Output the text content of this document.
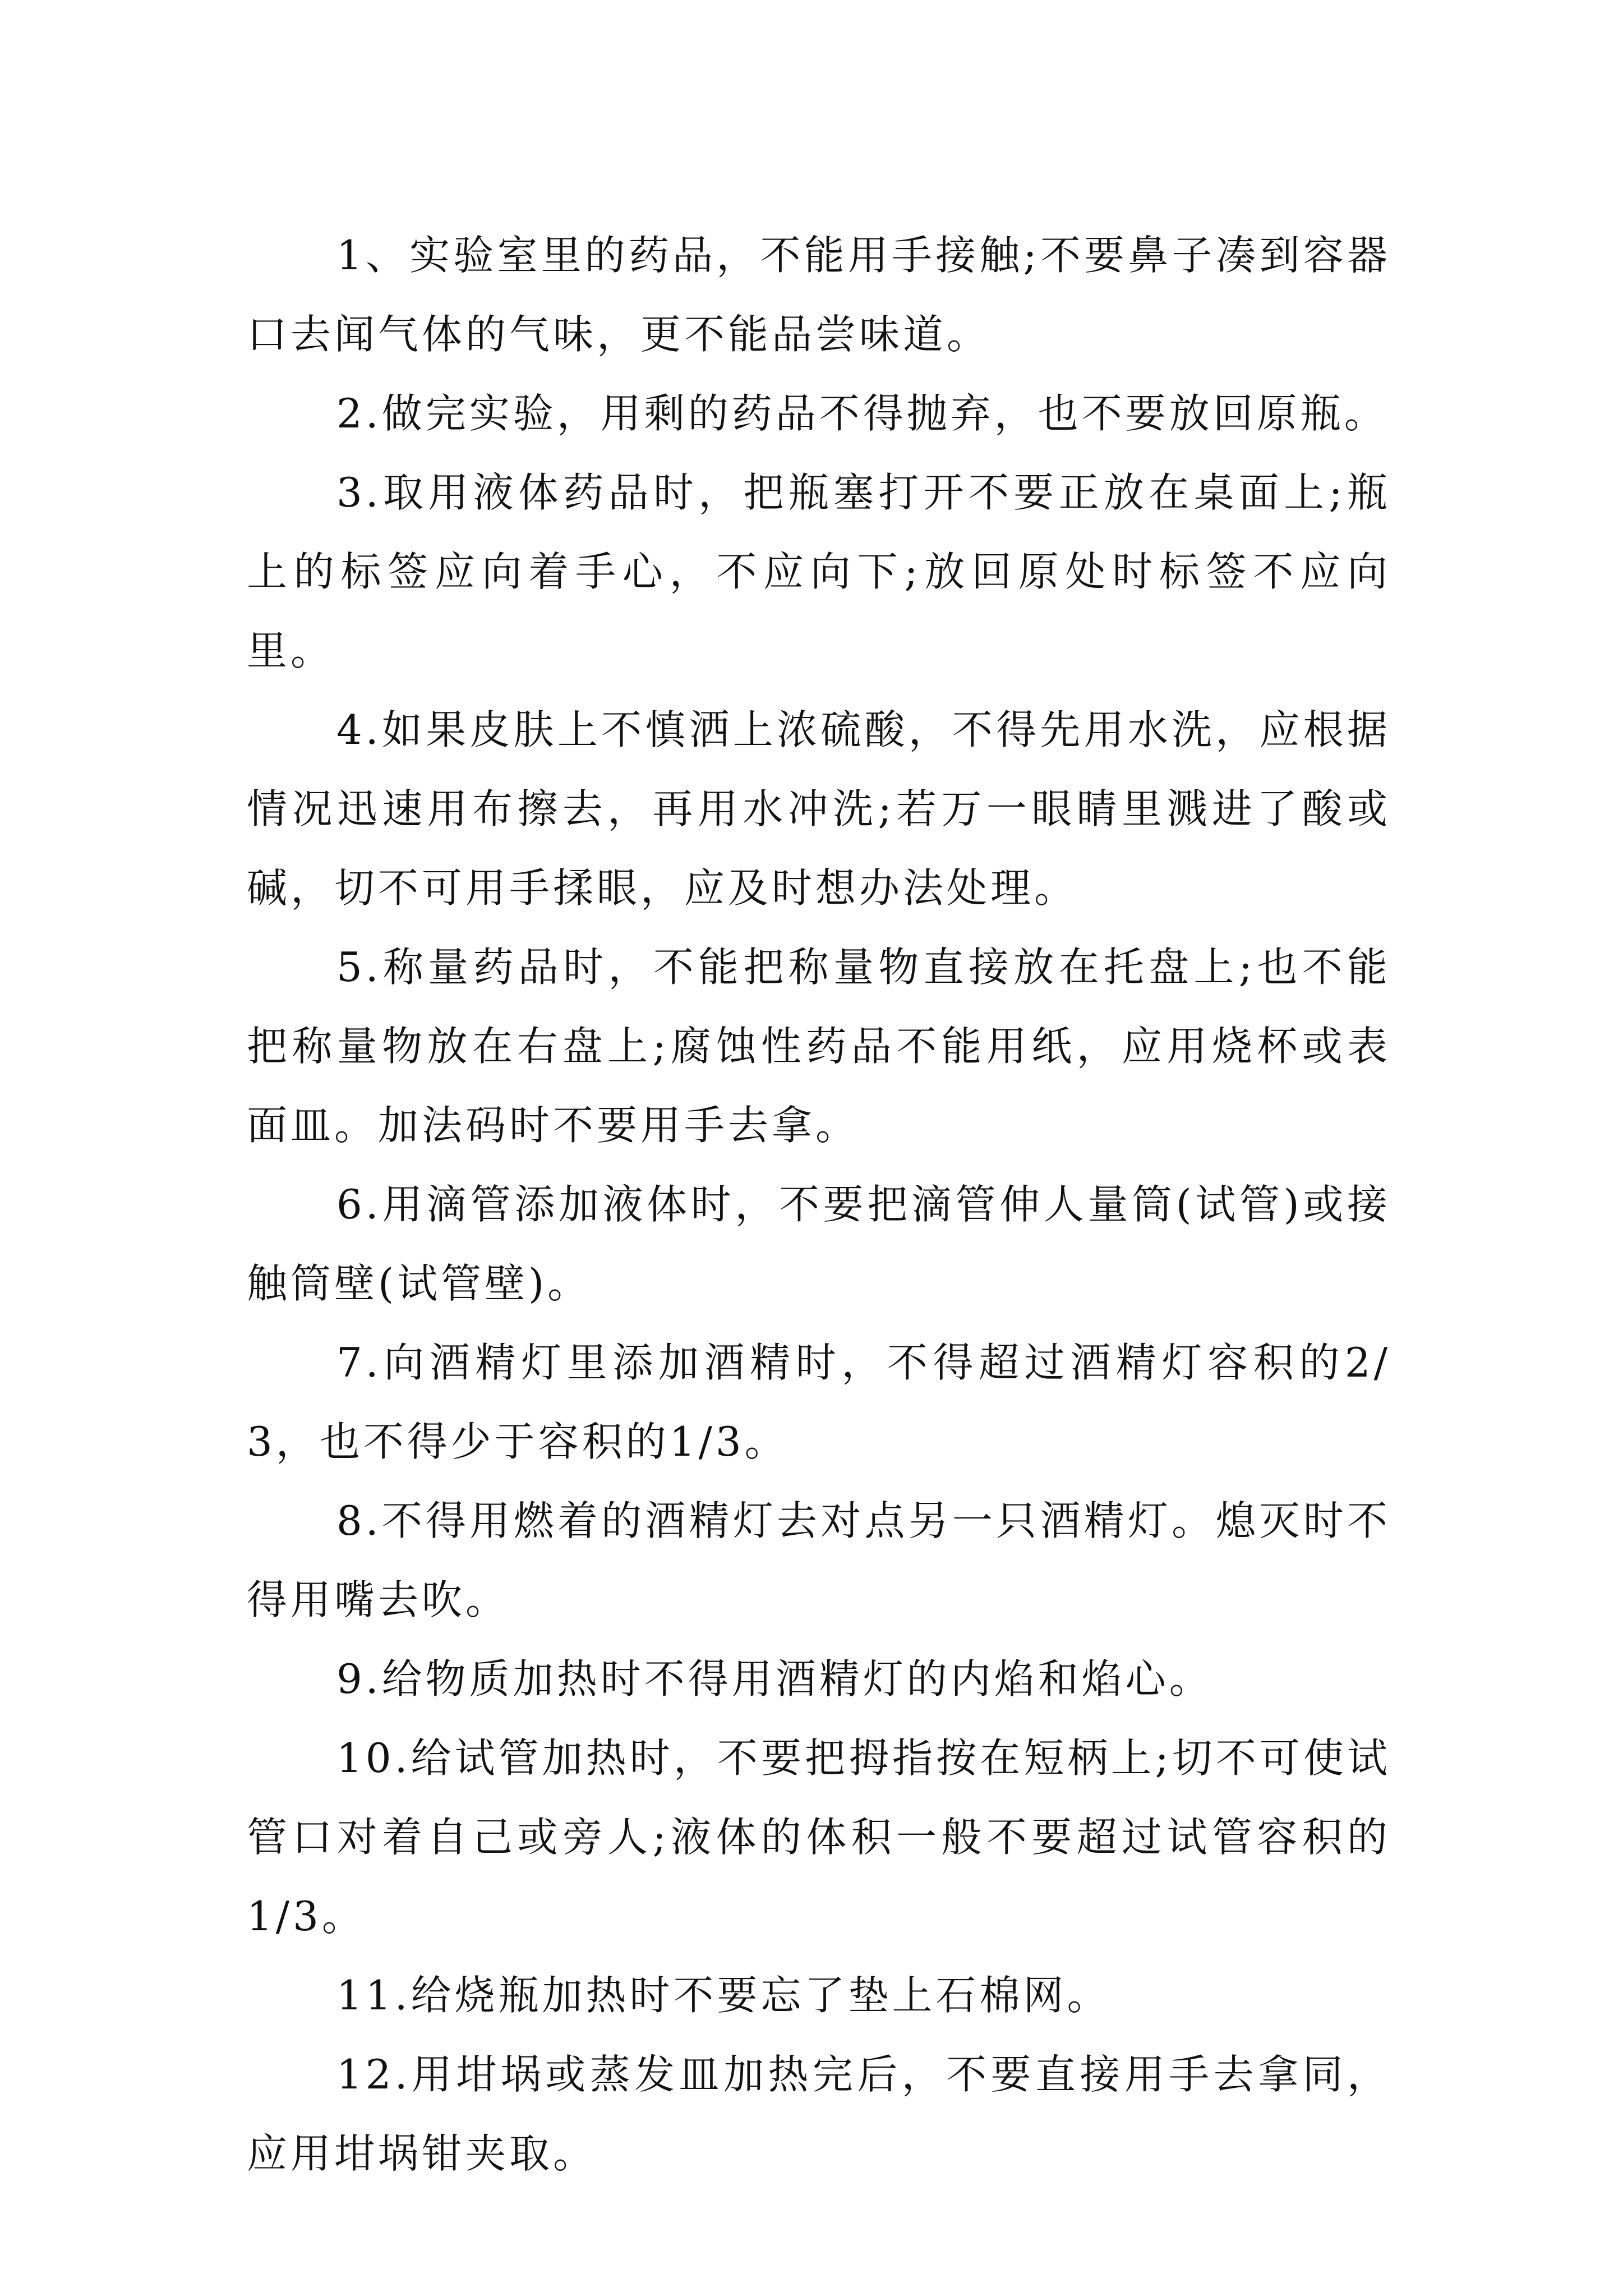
1、实验室里的药品，不能用手接触;不要鼻子凑到容器口去闻气体的气味，更不能品尝味道。

2.做完实验，用剩的药品不得抛弃，也不要放回原瓶。

3.取用液体药品时，把瓶塞打开不要正放在桌面上;瓶上的标签应向着手心，不应向下;放回原处时标签不应向里。

4.如果皮肤上不慎洒上浓硫酸，不得先用水洗，应根据情况迅速用布擦去，再用水冲洗;若万一眼睛里溅进了酸或碱，切不可用手揉眼，应及时想办法处理。

5.称量药品时，不能把称量物直接放在托盘上;也不能把称量物放在右盘上;腐蚀性药品不能用纸，应用烧杯或表面皿。加法码时不要用手去拿。

6.用滴管添加液体时，不要把滴管伸人量筒(试管)或接触筒壁(试管壁)。

7.向酒精灯里添加酒精时，不得超过酒精灯容积的2/3，也不得少于容积的1/3。

8.不得用燃着的酒精灯去对点另一只酒精灯。熄灭时不得用嘴去吹。

9.给物质加热时不得用酒精灯的内焰和焰心。

10.给试管加热时，不要把拇指按在短柄上;切不可使试管口对着自己或旁人;液体的体积一般不要超过试管容积的1/3。

11.给烧瓶加热时不要忘了垫上石棉网。

12.用坩埚或蒸发皿加热完后，不要直接用手去拿同，应用坩埚钳夹取。
